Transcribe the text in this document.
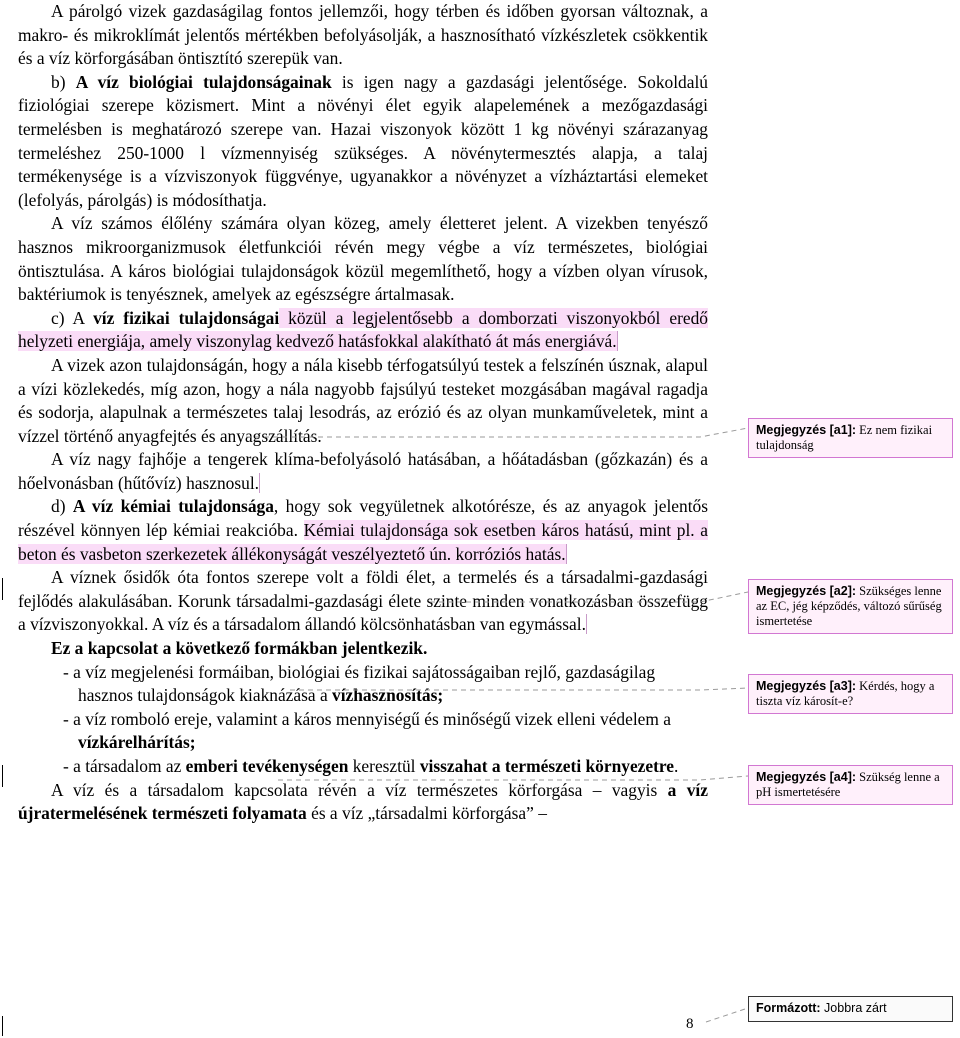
A párolgó vizek gazdaságilag fontos jellemzői, hogy térben és időben gyorsan változnak, a makro- és mikroklímát jelentős mértékben befolyásolják, a hasznosítható vízkészletek csökkentik és a víz körforgásában öntisztító szerepük van.

b) A víz biológiai tulajdonságainak is igen nagy a gazdasági jelentősége. Sokoldalú fiziológiai szerepe közismert. Mint a növényi élet egyik alapelemének a mezőgazdasági termelésben is meghatározó szerepe van. Hazai viszonyok között 1 kg növényi szárazanyag termeléshez 250-1000 l vízmennyiség szükséges. A növénytermesztés alapja, a talaj termékenysége is a vízviszonyok függvénye, ugyanakkor a növényzet a vízháztartási elemeket (lefolyás, párolgás) is módosíthatja.

A víz számos élőlény számára olyan közeg, amely életteret jelent. A vizekben tenyésző hasznos mikroorganizmusok életfunkciói révén megy végbe a víz természetes, biológiai öntisztulása. A káros biológiai tulajdonságok közül megemlíthető, hogy a vízben olyan vírusok, baktériumok is tenyésznek, amelyek az egészségre ártalmasak.

c) A víz fizikai tulajdonságai közül a legjelentősebb a domborzati viszonyokból eredő helyzeti energiája, amely viszonylag kedvező hatásfokkal alakítható át más energiává.

A vizek azon tulajdonságán, hogy a nála kisebb térfogatsúlyú testek a felszínén úsznak, alapul a vízi közlekedés, míg azon, hogy a nála nagyobb fajsúlyú testeket mozgásában magával ragadja és sodorja, alapulnak a természetes talaj lesodrás, az erózió és az olyan munkaműveletek, mint a vízzel történő anyagfejtés és anyagszállítás.

A víz nagy fajhője a tengerek klíma-befolyásoló hatásában, a hőátadásban (gőzkazán) és a hőelvonásban (hűtővíz) hasznosul.

d) A víz kémiai tulajdonsága, hogy sok vegyületnek alkotórésze, és az anyagok jelentős részével könnyen lép kémiai reakcióba. Kémiai tulajdonsága sok esetben káros hatású, mint pl. a beton és vasbeton szerkezetek állékonyságát veszélyeztető ún. korróziós hatás.

A víznek ősidők óta fontos szerepe volt a földi élet, a termelés és a társadalmi-gazdasági fejlődés alakulásában. Korunk társadalmi-gazdasági élete szinte minden vonatkozásban összefügg a vízviszonyokkal. A víz és a társadalom állandó kölcsönhatásban van egymással.

Ez a kapcsolat a következő formákban jelentkezik.

- a víz megjelenési formáiban, biológiai és fizikai sajátosságaiban rejlő, gazdaságilag hasznos tulajdonságok kiaknázása a vízhasznosítás;
- a víz romboló ereje, valamint a káros mennyiségű és minőségű vizek elleni védelem a vízkárelhárítás;
- a társadalom az emberi tevékenységen keresztül visszahat a természeti környezetre.

A víz és a társadalom kapcsolata révén a víz természetes körforgása – vagyis a víz újratermelésének természeti folyamata és a víz „társadalmi körforgása” –

Megjegyzés [a1]: Ez nem fizikai tulajdonság
Megjegyzés [a2]: Szükséges lenne az EC, jég képződés, változó sűrűség ismertetése
Megjegyzés [a3]: Kérdés, hogy a tiszta víz károsít-e?
Megjegyzés [a4]: Szükség lenne a pH ismertetésére
Formázott: Jobbra zárt
8
